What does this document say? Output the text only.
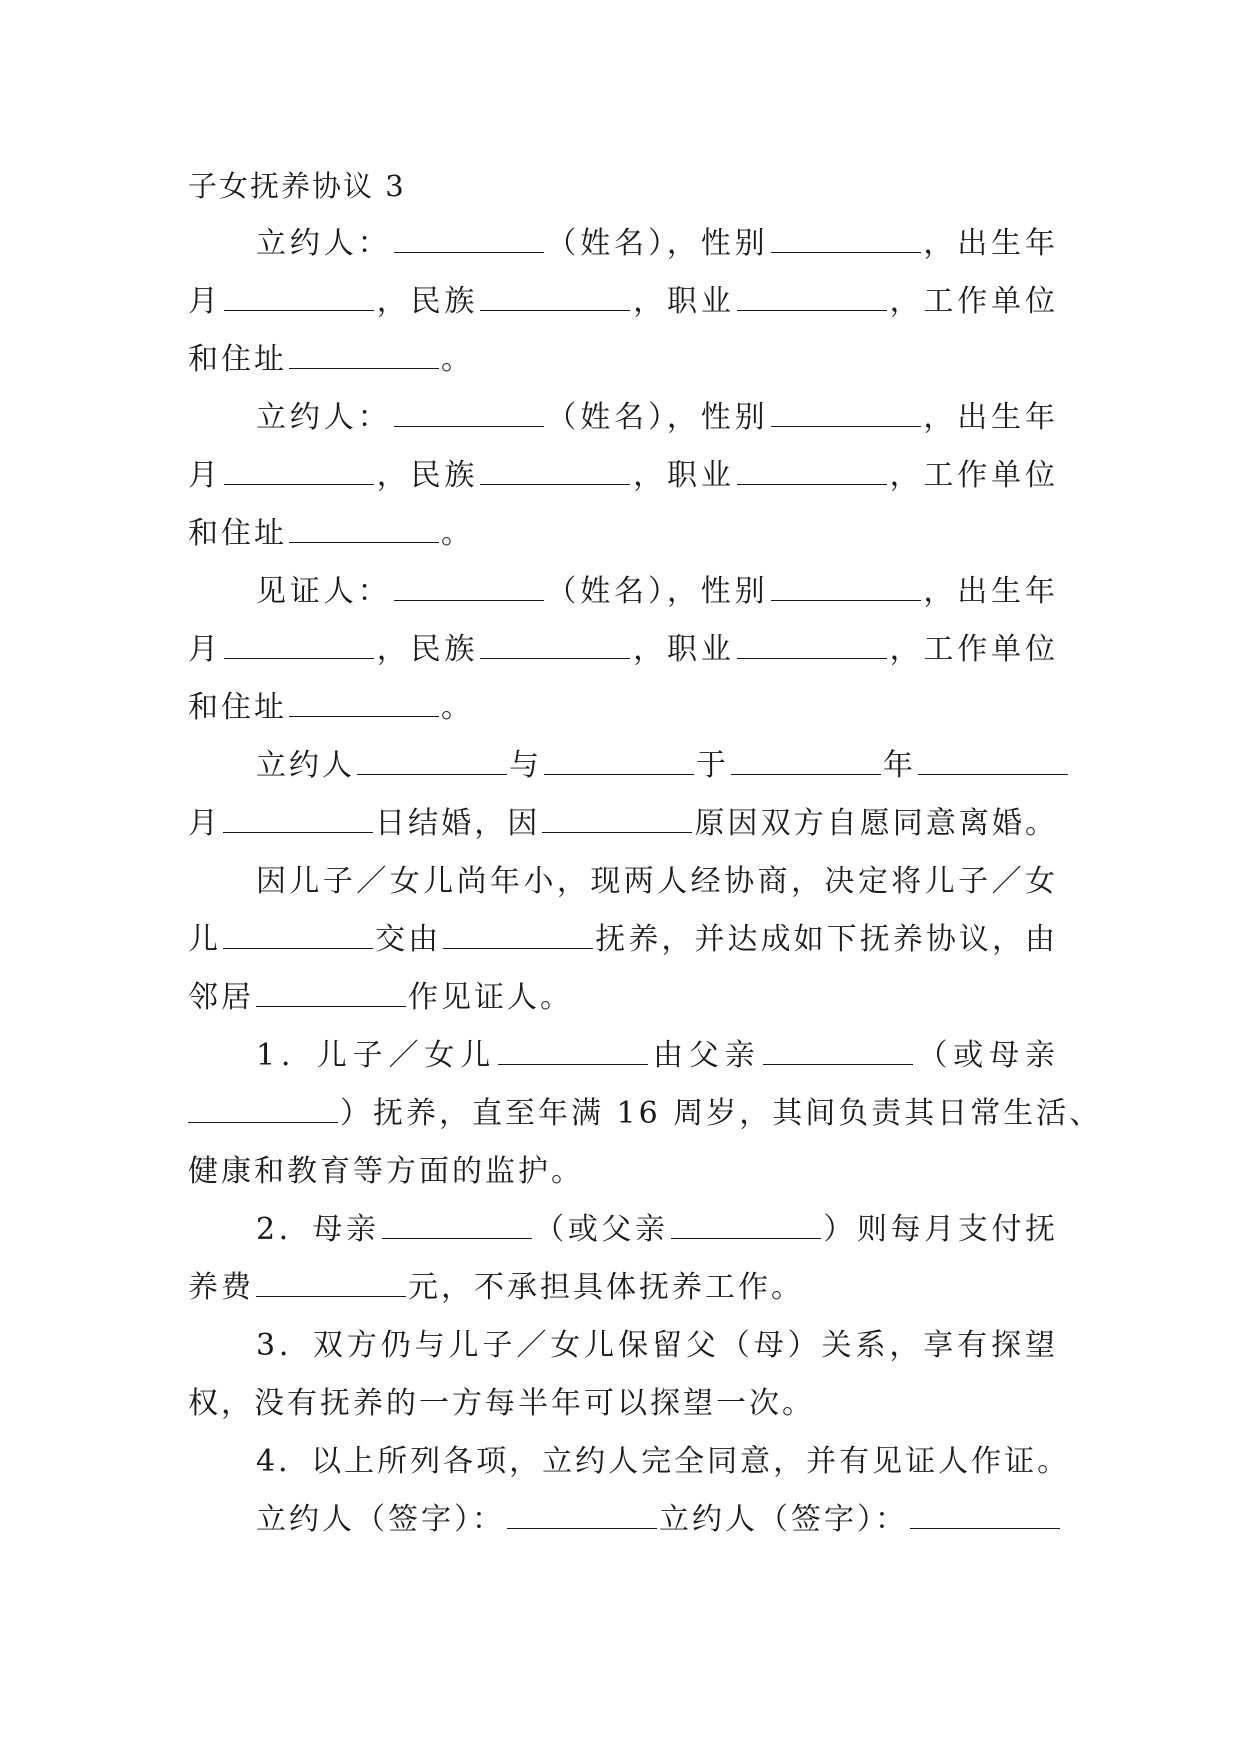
子女抚养协议 3
立约人：	（姓名），性别	，出生年
月	，民族	，职业	，工作单位
和住址	。
立约人：	（姓名），性别	，出生年
月	，民族	，职业	，工作单位
和住址	。
见证人：	（姓名），性别	，出生年
月	，民族	，职业	，工作单位
和住址	。
立约人	与	于	年
月	日结婚，因	原因双方自愿同意离婚。
因儿子／女儿尚年小，现两人经协商，决定将儿子／女
儿	交由	抚养，并达成如下抚养协议，由
邻居	作见证人。
1．儿子／女儿	由父亲	（或母亲
）抚养，直至年满 16 周岁，其间负责其日常生活、
健康和教育等方面的监护。
2．母亲	（或父亲	）则每月支付抚
养费	元，不承担具体抚养工作。
3．双方仍与儿子／女儿保留父（母）关系，享有探望
权，没有抚养的一方每半年可以探望一次。
4．以上所列各项，立约人完全同意，并有见证人作证。
立约人（签字）：	立约人（签字）：
